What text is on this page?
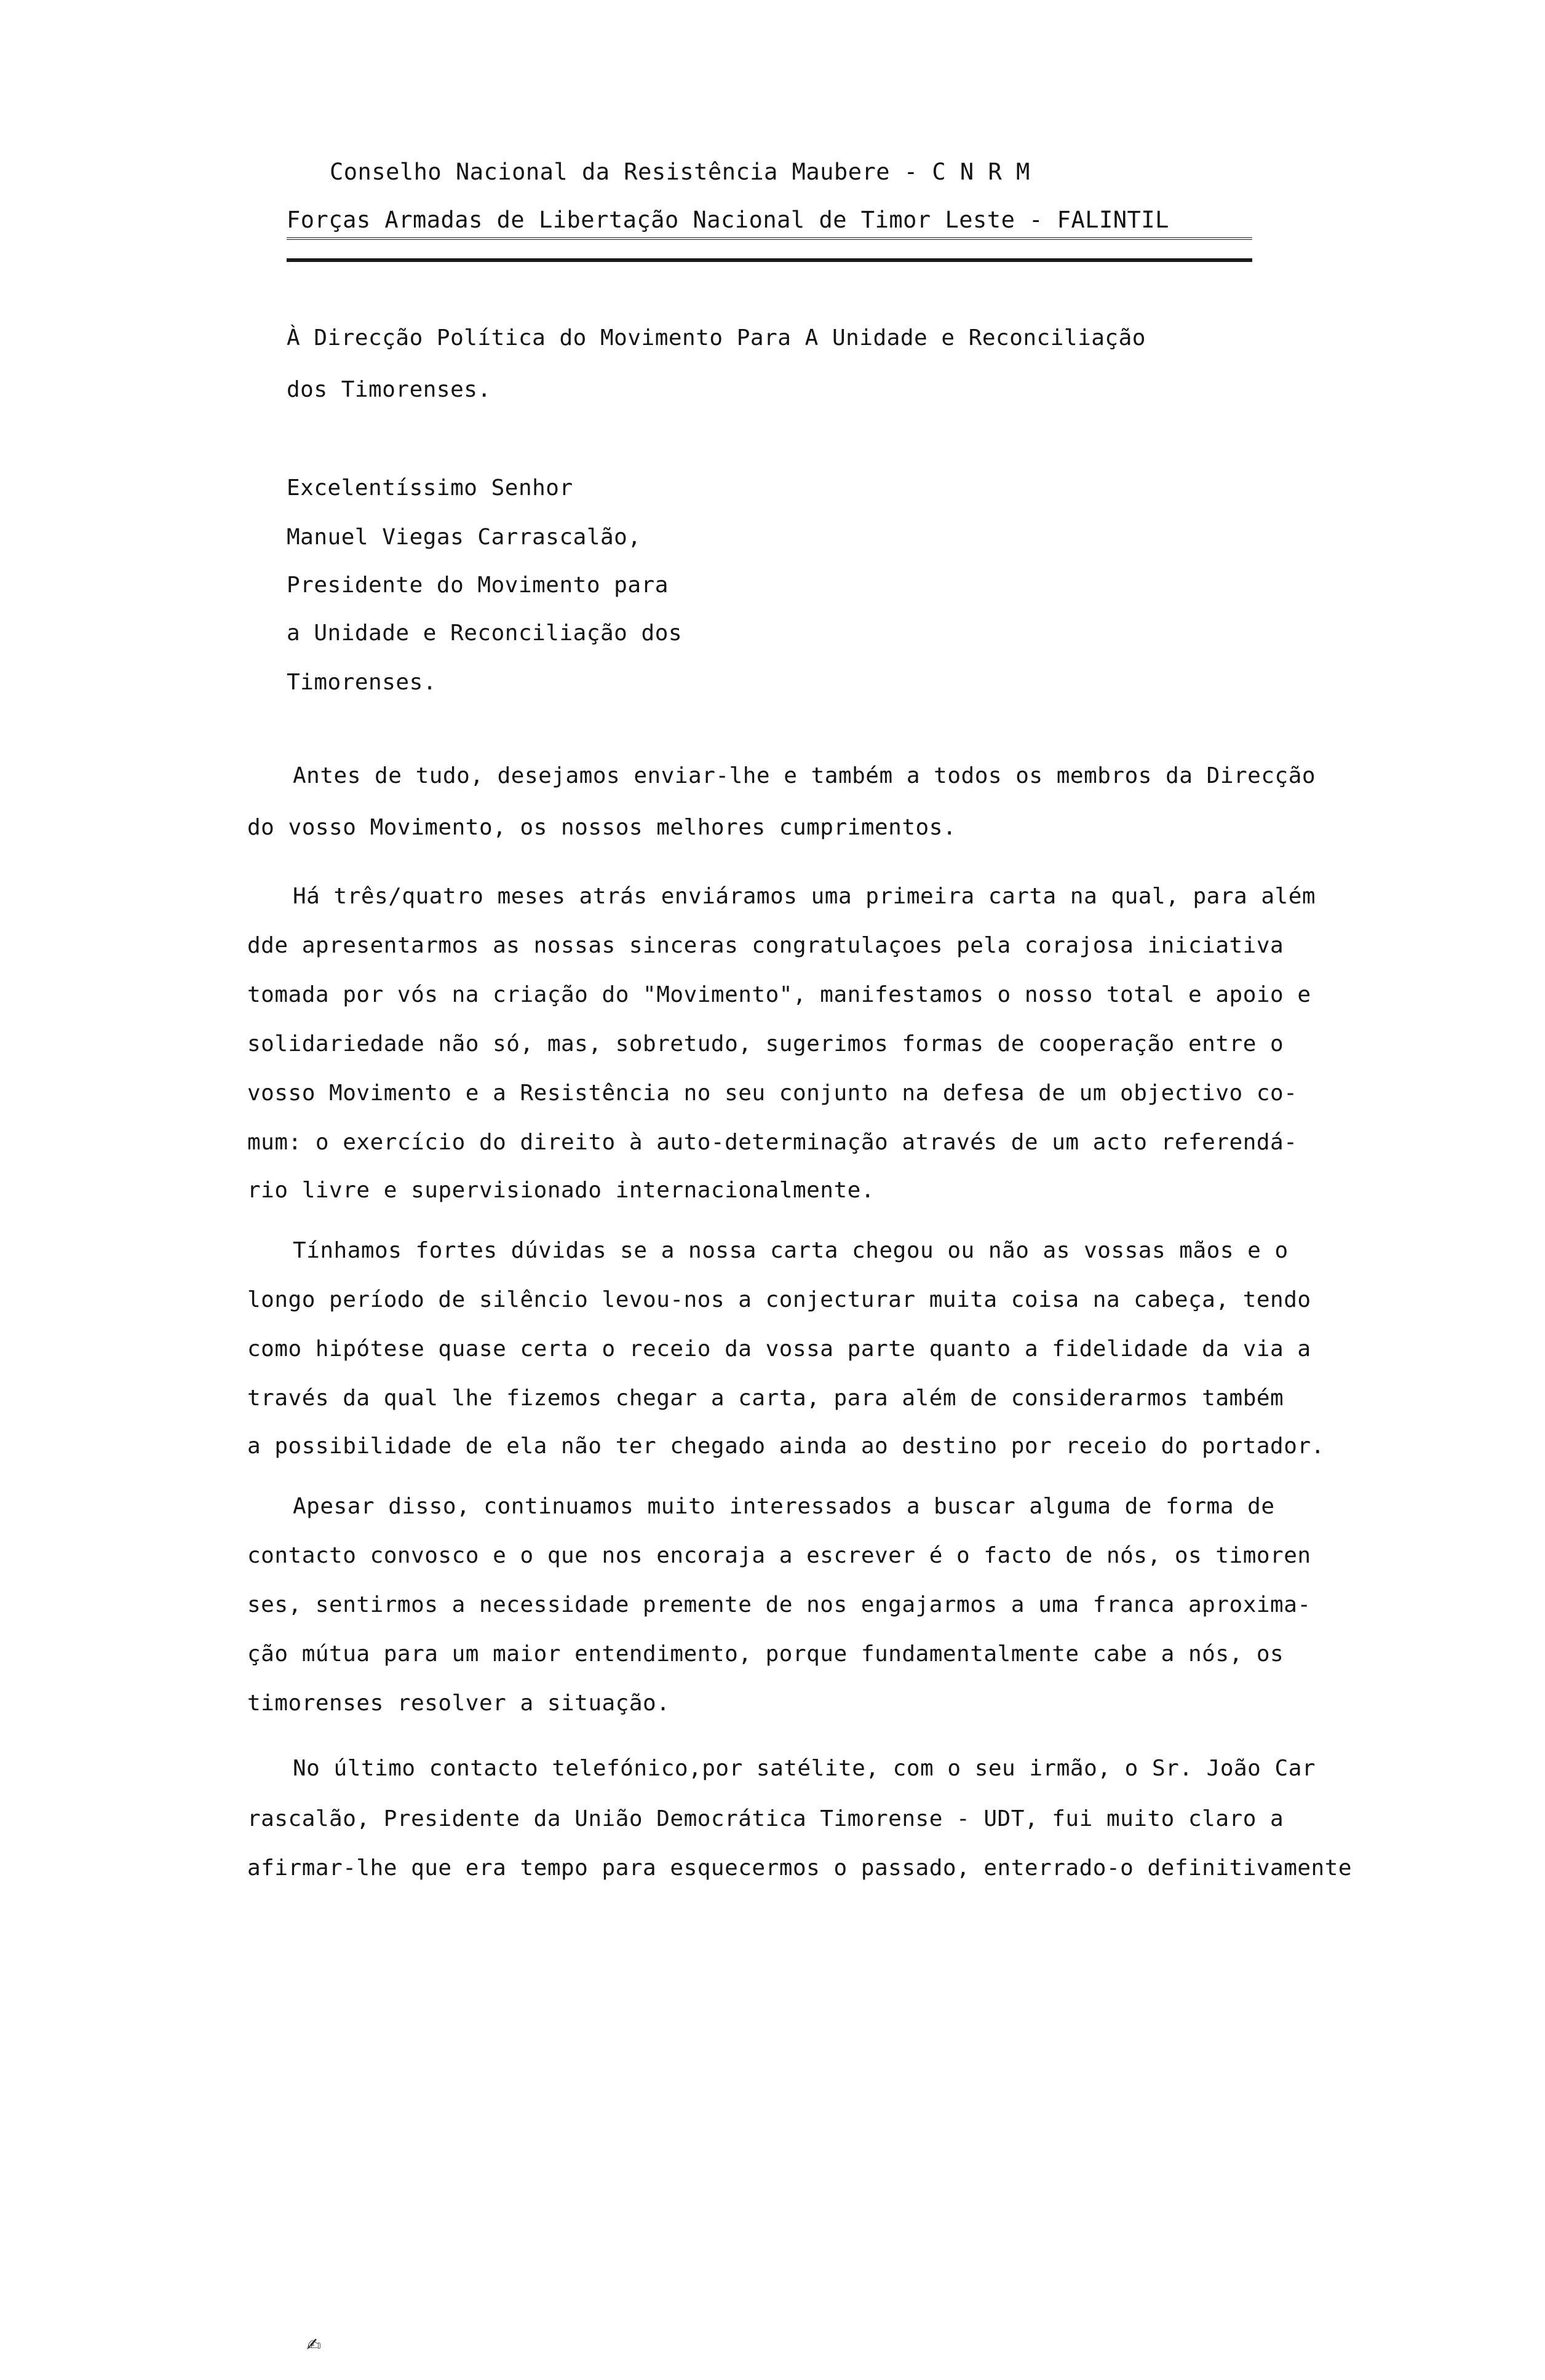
Conselho Nacional da Resistência Maubere - C N R M
Forças Armadas de Libertação Nacional de Timor Leste - FALINTIL
À Direcção Política do Movimento Para A Unidade e Reconciliação
dos Timorenses.
Excelentíssimo Senhor
Manuel Viegas Carrascalão,
Presidente do Movimento para
a Unidade e Reconciliação dos
Timorenses.
Antes de tudo, desejamos enviar-lhe e também a todos os membros da Direcção
do vosso Movimento, os nossos melhores cumprimentos.
Há três/quatro meses atrás enviáramos uma primeira carta na qual, para além
dde apresentarmos as nossas sinceras congratulaçoes pela corajosa iniciativa
tomada por vós na criação do "Movimento", manifestamos o nosso total e apoio e
solidariedade não só, mas, sobretudo, sugerimos formas de cooperação entre o
vosso Movimento e a Resistência no seu conjunto na defesa de um objectivo co-
mum: o exercício do direito à auto-determinação através de um acto referendá-
rio livre e supervisionado internacionalmente.
Tínhamos fortes dúvidas se a nossa carta chegou ou não as vossas mãos e o
longo período de silêncio levou-nos a conjecturar muita coisa na cabeça, tendo
como hipótese quase certa o receio da vossa parte quanto a fidelidade da via a
través da qual lhe fizemos chegar a carta, para além de considerarmos também
a possibilidade de ela não ter chegado ainda ao destino por receio do portador.
Apesar disso, continuamos muito interessados a buscar alguma de forma de
contacto convosco e o que nos encoraja a escrever é o facto de nós, os timoren
ses, sentirmos a necessidade premente de nos engajarmos a uma franca aproxima-
ção mútua para um maior entendimento, porque fundamentalmente cabe a nós, os
timorenses resolver a situação.
No último contacto telefónico,por satélite, com o seu irmão, o Sr. João Car
rascalão, Presidente da União Democrática Timorense - UDT, fui muito claro a
afirmar-lhe que era tempo para esquecermos o passado, enterrado-o definitivamente
✍
